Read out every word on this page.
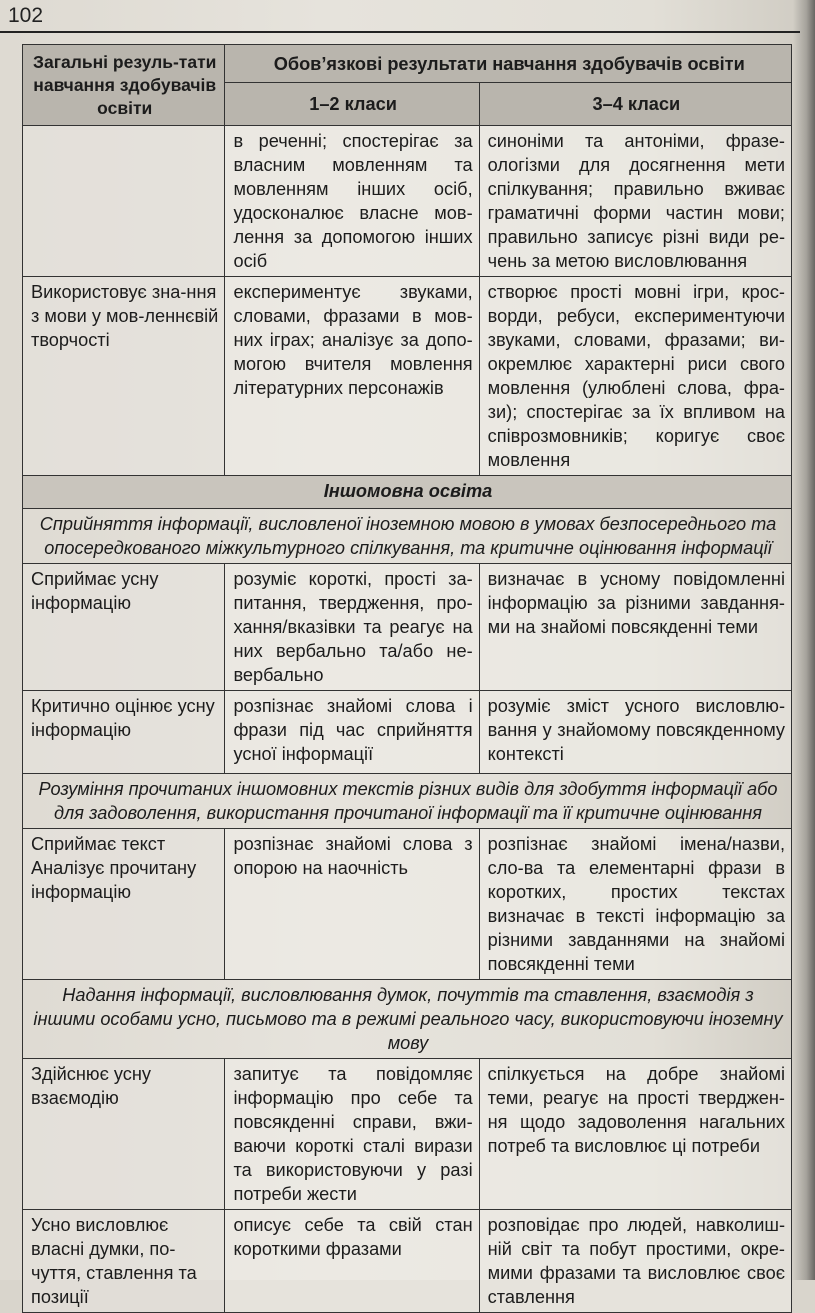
102
Загальні резуль-тати навчання здобувачів освіти	Обов’язкові результати навчання здобувачів освіти	
	1–2 класи	3–4 класи
	в реченні; спостерігає за власним мовленням та мовленням інших осіб, удосконалює власне мов-лення за допомогою інших осіб	синоніми та антоніми, фразе-ологізми для досягнення мети спілкування; правильно вживає граматичні форми частин мови; правильно записує різні види ре-чень за метою висловлювання
Використовує зна-ння з мови у мов-леннєвій творчості	експериментує звуками, словами, фразами в мов-них іграх; аналізує за допо-могою вчителя мовлення літературних персонажів	створює прості мовні ігри, крос-ворди, ребуси, експериментуючи звуками, словами, фразами; ви-окремлює характерні риси свого мовлення (улюблені слова, фра-зи); спостерігає за їх впливом на співрозмовників; коригує своє мовлення
Іншомовна освіта		
Сприйняття інформації, висловленої іноземною мовою в умовах безпосереднього та опосередкованого міжкультурного спілкування, та критичне оцінювання інформації		
Сприймає усну інформацію	розуміє короткі, прості за-питання, твердження, про-хання/вказівки та реагує на них вербально та/або не-вербально	визначає в усному повідомленні інформацію за різними завдання-ми на знайомі повсякденні теми
Критично оцінює усну інформацію	розпізнає знайомі слова і фрази під час сприйняття усної інформації	розуміє зміст усного висловлю-вання у знайомому повсякденному контексті
Розуміння прочитаних іншомовних текстів різних видів для здобуття інформації або для задоволення, використання прочитаної інформації та її критичне оцінювання		
Сприймає текст Аналізує прочитану інформацію	розпізнає знайомі слова з опорою на наочність	розпізнає знайомі імена/назви, сло-ва та елементарні фрази в коротких, простих текстах визначає в тексті інформацію за різними завданнями на знайомі повсякденні теми
Надання інформації, висловлювання думок, почуттів та ставлення, взаємодія з іншими особами усно, письмово та в режимі реального часу, використовуючи іноземну мову		
Здійснює усну взаємодію	запитує та повідомляє інформацію про себе та повсякденні справи, вжи-ваючи короткі сталі вирази та використовуючи у разі потреби жести	спілкується на добре знайомі теми, реагує на прості тверджен-ня щодо задоволення нагальних потреб та висловлює ці потреби
Усно висловлює власні думки, по-чуття, ставлення та позиції	описує себе та свій стан короткими фразами	розповідає про людей, навколиш-ній світ та побут простими, окре-мими фразами та висловлює своє ставлення
